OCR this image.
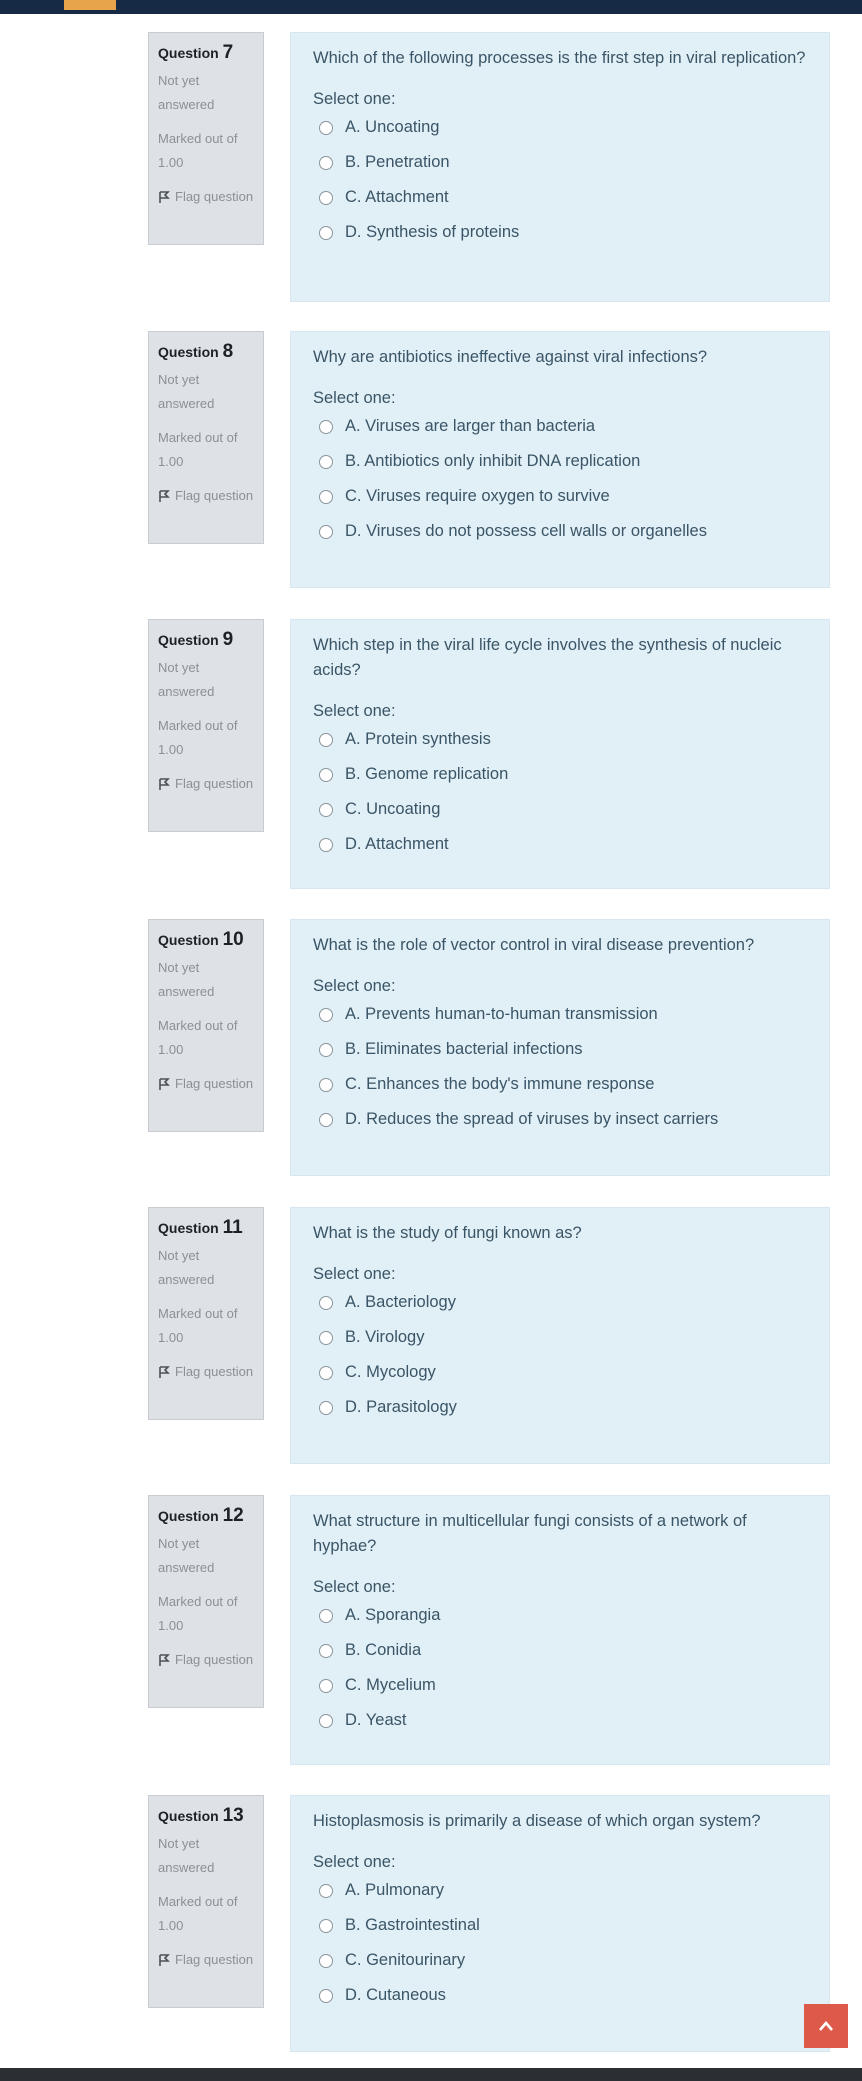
Question 7
Not yet answered
Marked out of 1.00
Flag question
Which of the following processes is the first step in viral replication?
Select one:
A. Uncoating
B. Penetration
C. Attachment
D. Synthesis of proteins
Question 8
Not yet answered
Marked out of 1.00
Flag question
Why are antibiotics ineffective against viral infections?
Select one:
A. Viruses are larger than bacteria
B. Antibiotics only inhibit DNA replication
C. Viruses require oxygen to survive
D. Viruses do not possess cell walls or organelles
Question 9
Not yet answered
Marked out of 1.00
Flag question
Which step in the viral life cycle involves the synthesis of nucleic acids?
Select one:
A. Protein synthesis
B. Genome replication
C. Uncoating
D. Attachment
Question 10
Not yet answered
Marked out of 1.00
Flag question
What is the role of vector control in viral disease prevention?
Select one:
A. Prevents human-to-human transmission
B. Eliminates bacterial infections
C. Enhances the body's immune response
D. Reduces the spread of viruses by insect carriers
Question 11
Not yet answered
Marked out of 1.00
Flag question
What is the study of fungi known as?
Select one:
A. Bacteriology
B. Virology
C. Mycology
D. Parasitology
Question 12
Not yet answered
Marked out of 1.00
Flag question
What structure in multicellular fungi consists of a network of hyphae?
Select one:
A. Sporangia
B. Conidia
C. Mycelium
D. Yeast
Question 13
Not yet answered
Marked out of 1.00
Flag question
Histoplasmosis is primarily a disease of which organ system?
Select one:
A. Pulmonary
B. Gastrointestinal
C. Genitourinary
D. Cutaneous
